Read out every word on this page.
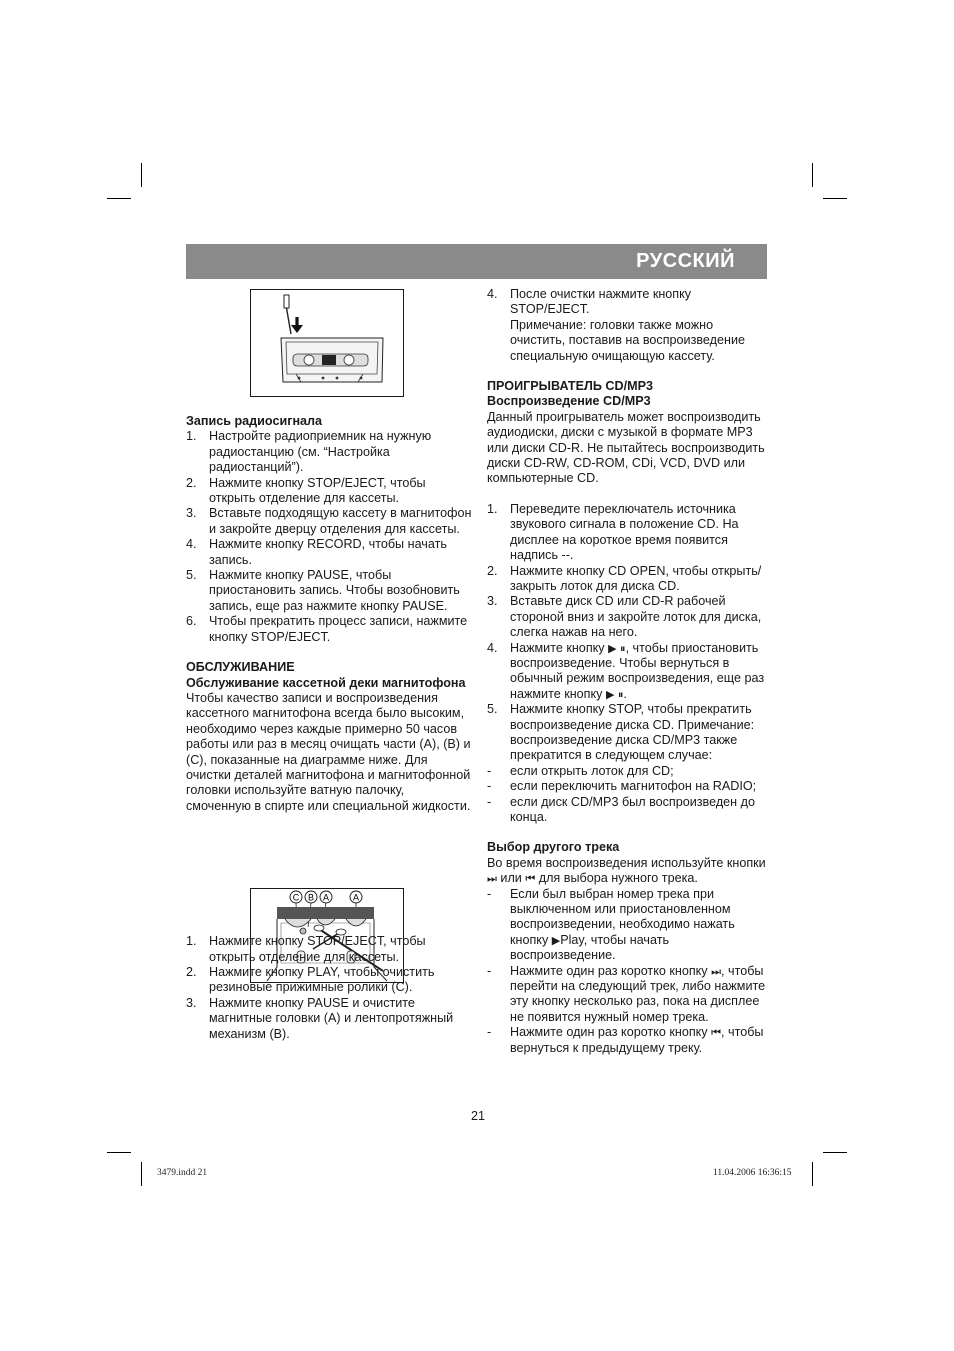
РУССКИЙ
C B A	A
Запись радиосигнала
1. Настройте радиоприемник на нужную радиостанцию (см. “Настройка радиостанций”).
2. Нажмите кнопку STOP/EJECT, чтобы открыть отделение для кассеты.
3. Вставьте подходящую кассету в магнитофон и закройте дверцу отделения для кассеты.
4. Нажмите кнопку RECORD, чтобы начать запись.
5. Нажмите кнопку PAUSE, чтобы приостановить запись. Чтобы возобновить запись, еще раз нажмите кнопку PAUSE.
6. Чтобы прекратить процесс записи, нажмите кнопку STOP/EJECT.
ОБСЛУЖИВАНИЕ
Обслуживание кассетной деки магнитофона

Чтобы качество записи и воспроизведения кассетного магнитофона всегда было высоким, необходимо через каждые примерно 50 часов работы или раз в месяц очищать части (A), (B) и (C), показанные на диаграмме ниже. Для очистки деталей магнитофона и магнитофонной головки используйте ватную палочку, смоченную в спирте или специальной жидкости.

1. Нажмите кнопку STOP/EJECT, чтобы открыть отделение для кассеты.
2. Нажмите кнопку PLAY, чтобы очистить резиновые прижимные ролики (C).
3. Нажмите кнопку PAUSE и очистите магнитные головки (A) и лентопротяжный механизм (B).
4. После очистки нажмите кнопку STOP/EJECT.
Примечание: головки также можно очистить, поставив на воспроизведение специальную очищающую кассету.
ПРОИГРЫВАТЕЛЬ CD/MP3
Воспроизведение CD/MP3

Данный проигрыватель может воспроизводить аудиодиски, диски с музыкой в формате MP3 или диски CD-R. Не пытайтесь воспроизводить диски CD-RW, CD-ROM, CDi, VCD, DVD или компьютерные CD.

1. Переведите переключатель источника звукового сигнала в положение CD. На дисплее на короткое время появится надпись --.
2. Нажмите кнопку CD OPEN, чтобы открыть/закрыть лоток для диска CD.
3. Вставьте диск CD или CD-R рабочей стороной вниз и закройте лоток для диска, слегка нажав на него.
4. Нажмите кнопку ▶ ⏸, чтобы приостановить воспроизведение. Чтобы вернуться в обычный режим воспроизведения, еще раз нажмите кнопку ▶ ⏸.
5. Нажмите кнопку STOP, чтобы прекратить воспроизведение диска CD. Примечание: воспроизведение диска CD/MP3 также прекратится в следующем случае:
- если открыть лоток для CD;
- если переключить магнитофон на RADIO;
- если диск CD/MP3 был воспроизведен до конца.
Выбор другого трека

Во время воспроизведения используйте кнопки ⏭ или ⏮ для выбора нужного трека.

- Если был выбран номер трека при выключенном или приостановленном воспроизведении, необходимо нажать кнопку ▶Play, чтобы начать воспроизведение.
- Нажмите один раз коротко кнопку ⏭, чтобы перейти на следующий трек, либо нажмите эту кнопку несколько раз, пока на дисплее не появится нужный номер трека.
- Нажмите один раз коротко кнопку ⏮, чтобы вернуться к предыдущему треку.
21
3479.indd 21	11.04.2006 16:36:15
